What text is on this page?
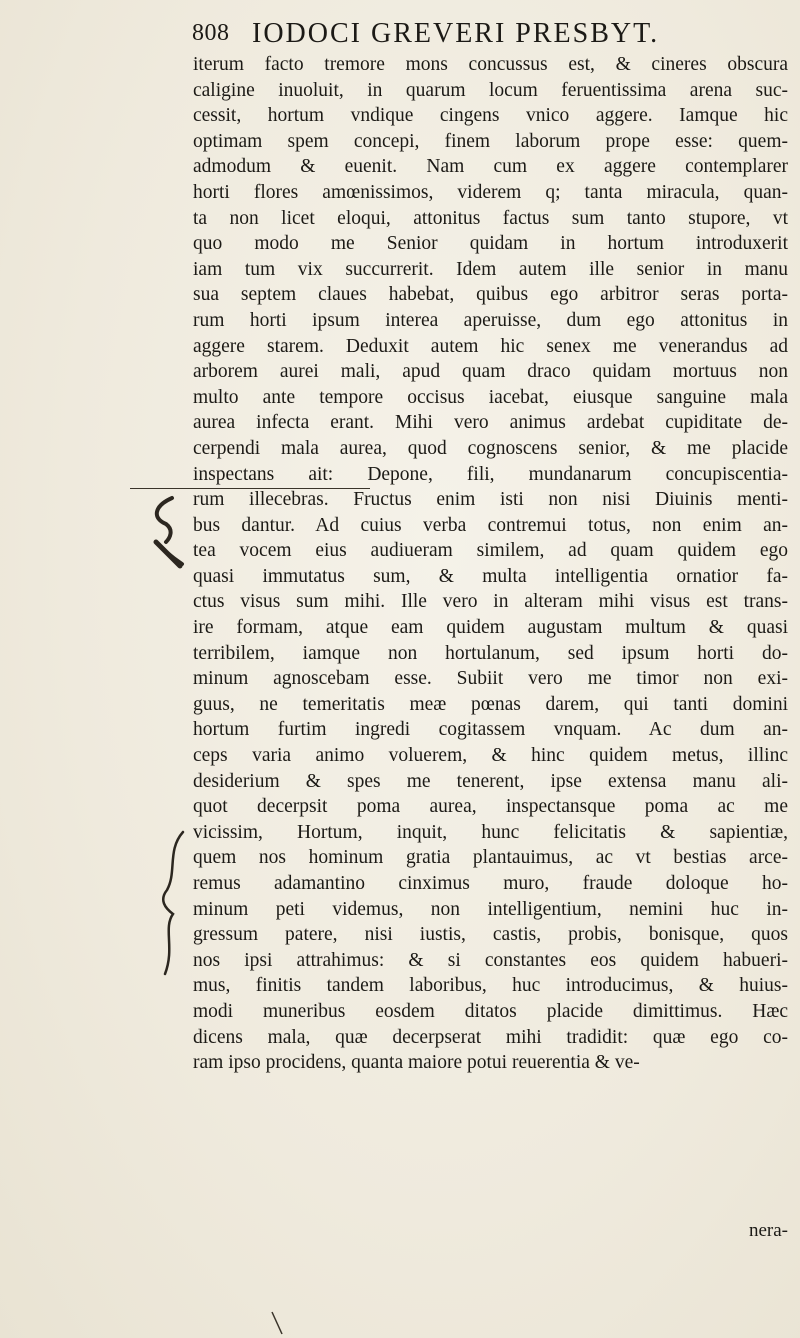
808 IODOCI GREVERI PRESBYT.
iterum facto tremore mons concussus est, & cineres obscura
caligine inuoluit, in quarum locum feruentissima arena suc-
cessit, hortum vndique cingens vnico aggere. Iamque hic
optimam spem concepi, finem laborum prope esse: quem-
admodum & euenit. Nam cum ex aggere contemplarer
horti flores amœnissimos, viderem q; tanta miracula, quan-
ta non licet eloqui, attonitus factus sum tanto stupore, vt
quo modo me Senior quidam in hortum introduxerit
iam tum vix succurrerit. Idem autem ille senior in manu
sua septem claues habebat, quibus ego arbitror seras porta-
rum horti ipsum interea aperuisse, dum ego attonitus in
aggere starem. Deduxit autem hic senex me venerandus ad
arborem aurei mali, apud quam draco quidam mortuus non
multo ante tempore occisus iacebat, eiusque sanguine mala
aurea infecta erant. Mihi vero animus ardebat cupiditate de-
cerpendi mala aurea, quod cognoscens senior, & me placide
inspectans ait: Depone, fili, mundanarum concupiscentia-
rum illecebras. Fructus enim isti non nisi Diuinis menti-
bus dantur. Ad cuius verba contremui totus, non enim an-
tea vocem eius audiueram similem, ad quam quidem ego
quasi immutatus sum, & multa intelligentia ornatior fa-
ctus visus sum mihi. Ille vero in alteram mihi visus est trans-
ire formam, atque eam quidem augustam multum & quasi
terribilem, iamque non hortulanum, sed ipsum horti do-
minum agnoscebam esse. Subiit vero me timor non exi-
guus, ne temeritatis meæ pœnas darem, qui tanti domini
hortum furtim ingredi cogitassem vnquam. Ac dum an-
ceps varia animo voluerem, & hinc quidem metus, illinc
desiderium & spes me tenerent, ipse extensa manu ali-
quot decerpsit poma aurea, inspectansque poma ac me
vicissim, Hortum, inquit, hunc felicitatis & sapientiæ,
quem nos hominum gratia plantauimus, ac vt bestias arce-
remus adamantino cinximus muro, fraude doloque ho-
minum peti videmus, non intelligentium, nemini huc in-
gressum patere, nisi iustis, castis, probis, bonisque, quos
nos ipsi attrahimus: & si constantes eos quidem habueri-
mus, finitis tandem laboribus, huc introducimus, & huius-
modi muneribus eosdem ditatos placide dimittimus. Hæc
dicens mala, quæ decerpserat mihi tradidit: quæ ego co-
ram ipso procidens, quanta maiore potui reuerentia & ve-
nera-
